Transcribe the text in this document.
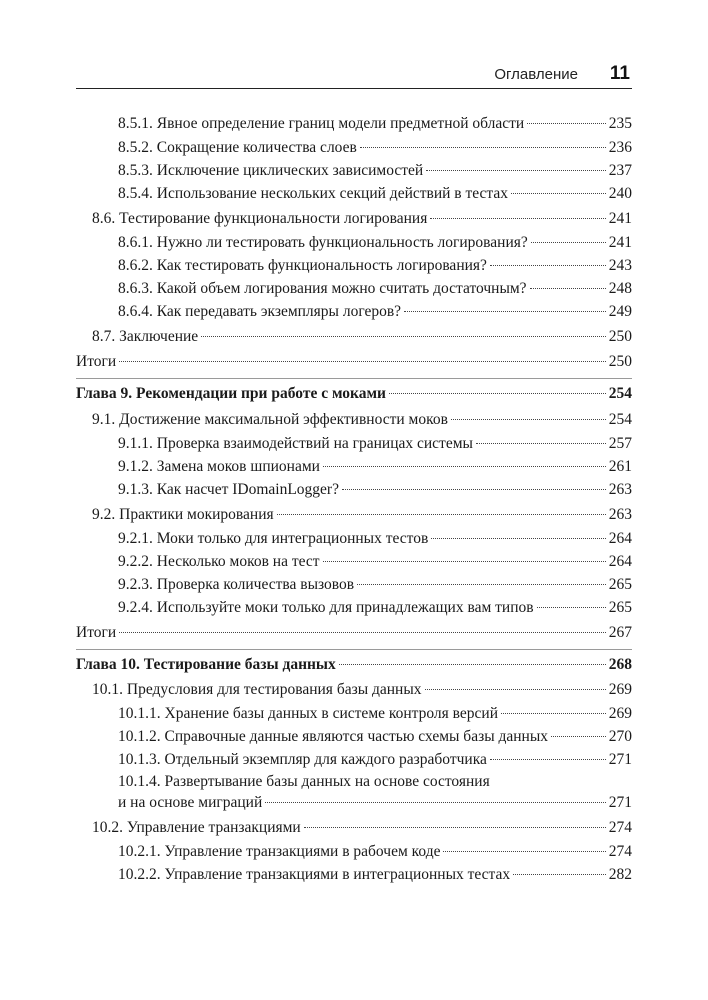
Оглавление 11
8.5.1. Явное определение границ модели предметной области	235
8.5.2. Сокращение количества слоев	236
8.5.3. Исключение циклических зависимостей	237
8.5.4. Использование нескольких секций действий в тестах	240
8.6. Тестирование функциональности логирования	241
8.6.1. Нужно ли тестировать функциональность логирования?	241
8.6.2. Как тестировать функциональность логирования?	243
8.6.3. Какой объем логирования можно считать достаточным?	248
8.6.4. Как передавать экземпляры логеров?	249
8.7. Заключение	250
Итоги	250
Глава 9. Рекомендации при работе с моками	254
9.1. Достижение максимальной эффективности моков	254
9.1.1. Проверка взаимодействий на границах системы	257
9.1.2. Замена моков шпионами	261
9.1.3. Как насчет IDomainLogger?	263
9.2. Практики мокирования	263
9.2.1. Моки только для интеграционных тестов	264
9.2.2. Несколько моков на тест	264
9.2.3. Проверка количества вызовов	265
9.2.4. Используйте моки только для принадлежащих вам типов	265
Итоги	267
Глава 10. Тестирование базы данных	268
10.1. Предусловия для тестирования базы данных	269
10.1.1. Хранение базы данных в системе контроля версий	269
10.1.2. Справочные данные являются частью схемы базы данных	270
10.1.3. Отдельный экземпляр для каждого разработчика	271
10.1.4. Развертывание базы данных на основе состояния
и на основе миграций	271
10.2. Управление транзакциями	274
10.2.1. Управление транзакциями в рабочем коде	274
10.2.2. Управление транзакциями в интеграционных тестах	282
